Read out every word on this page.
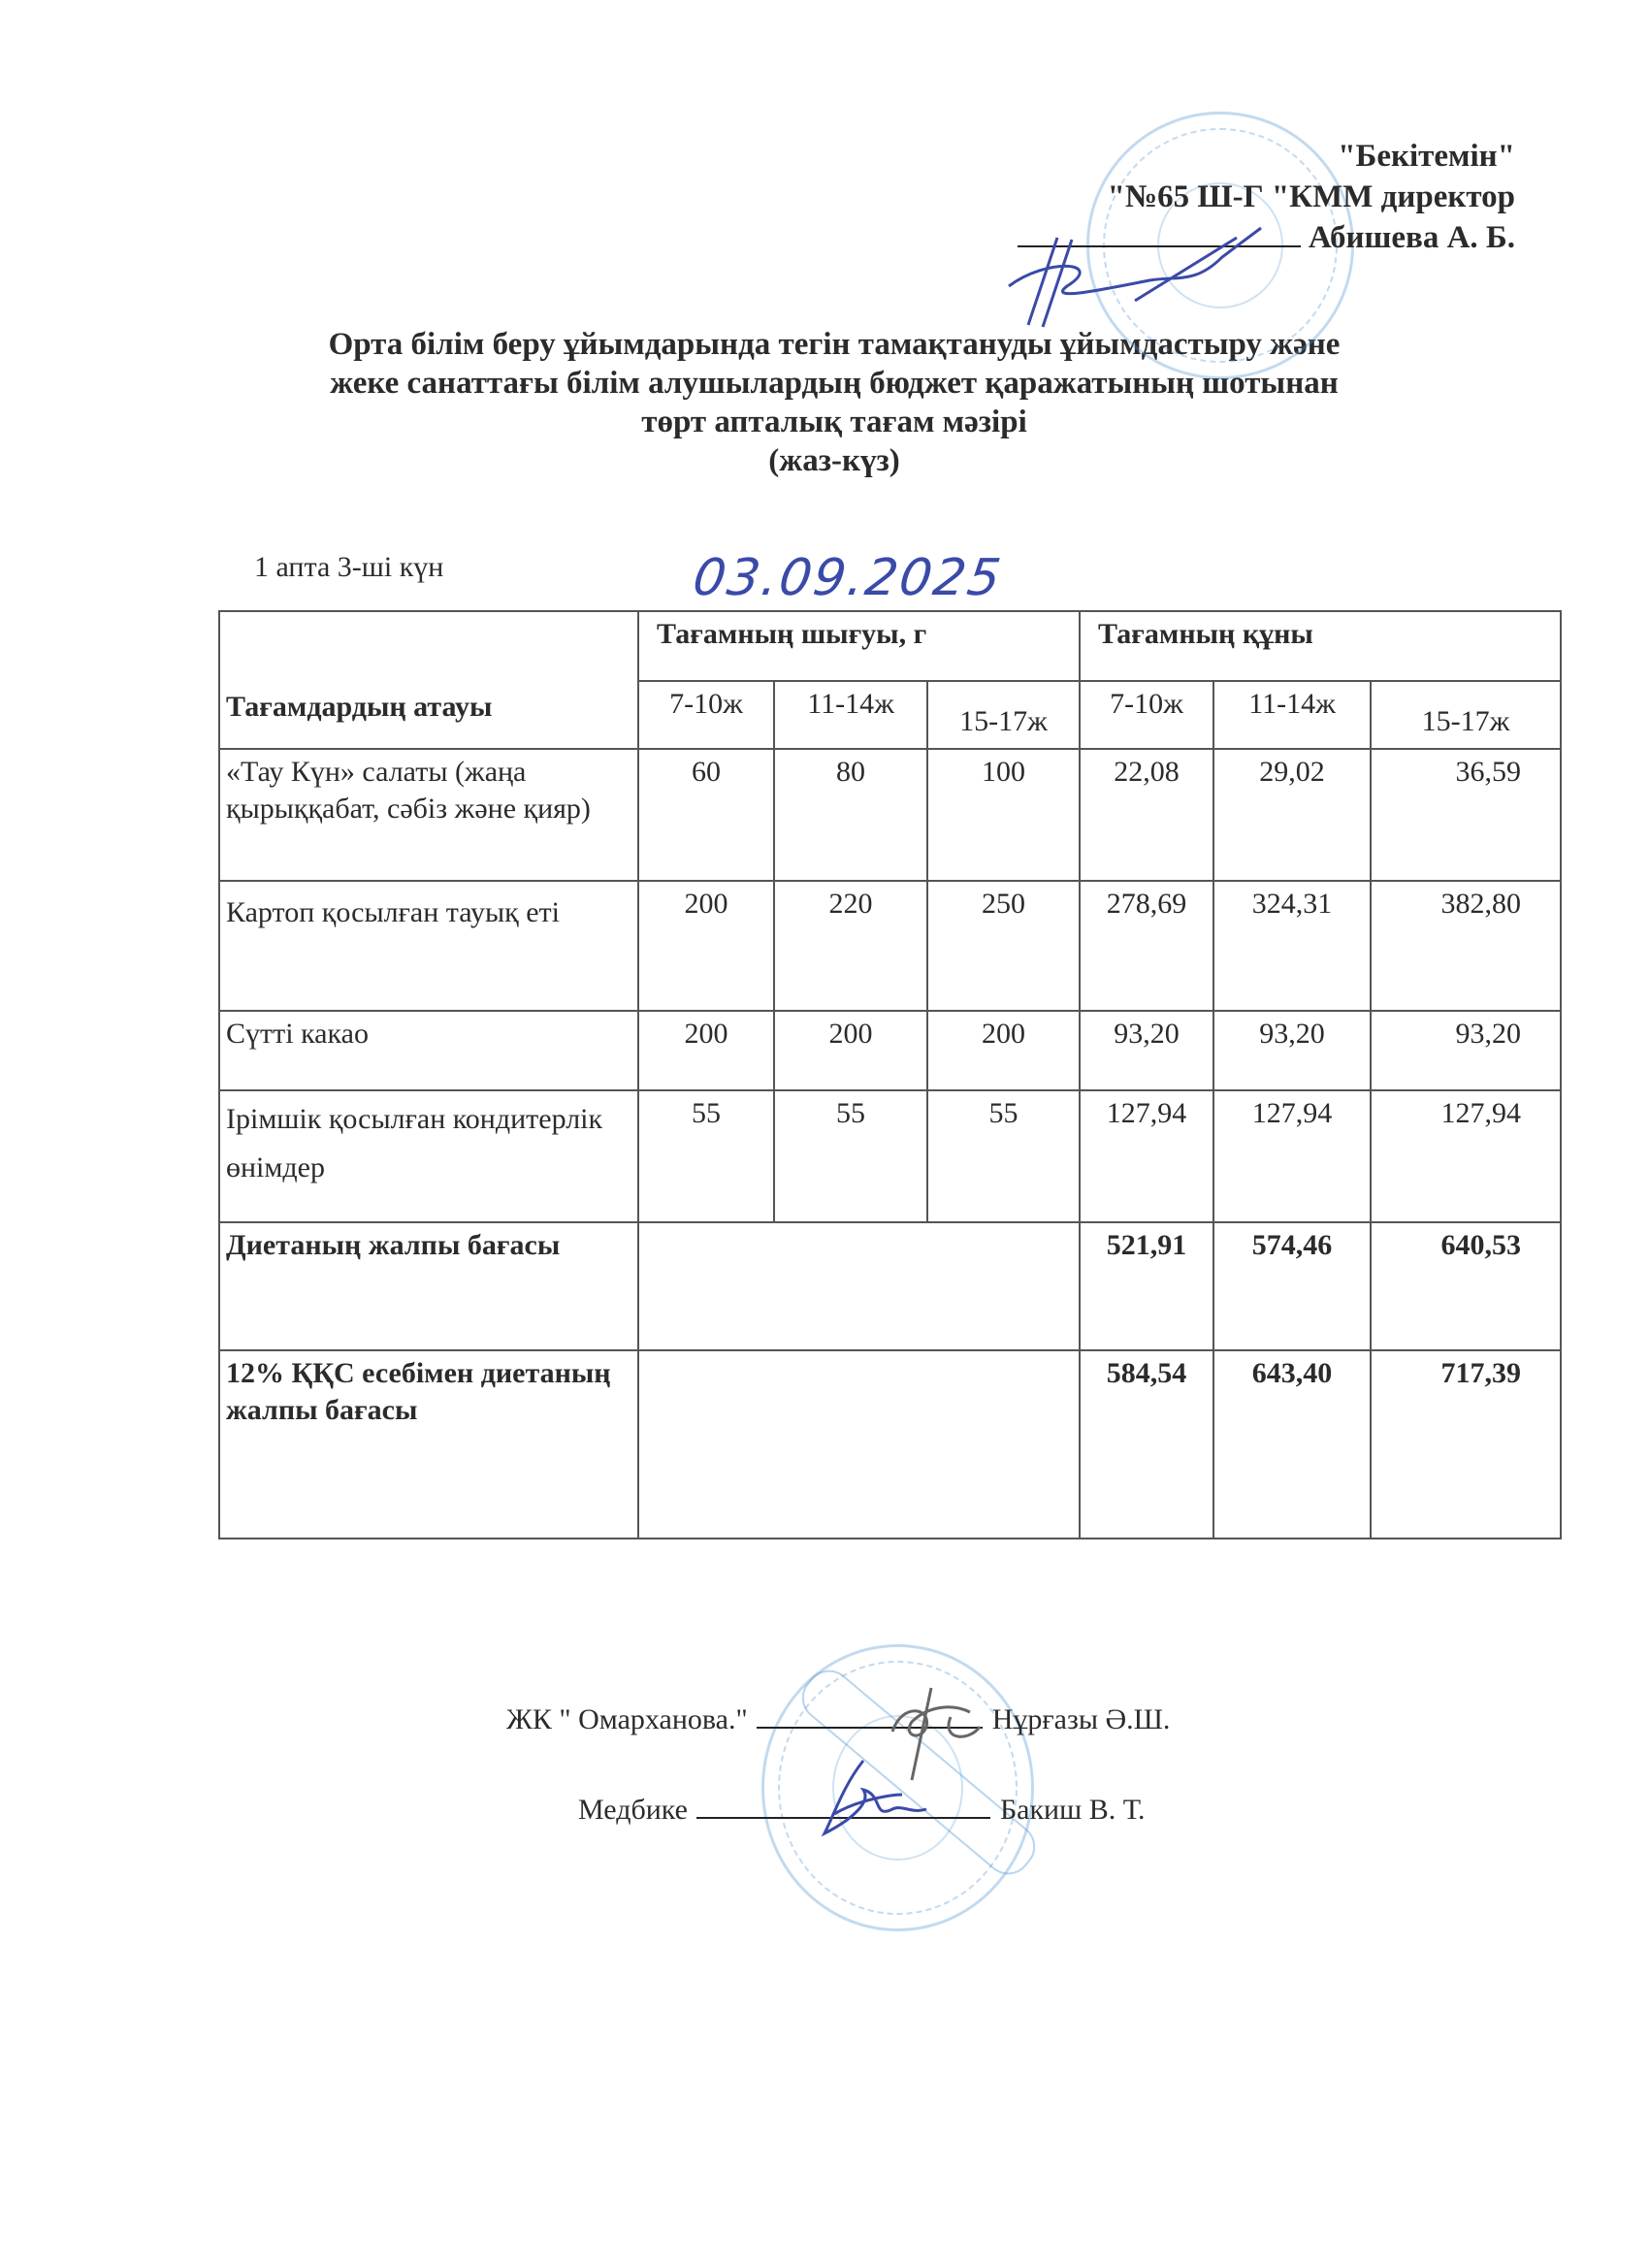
"Бекітемін"
"№65 Ш-Г "КММ директор
Абишева А. Б.
Орта білім беру ұйымдарында тегін тамақтануды ұйымдастыру және
жеке санаттағы білім алушылардың бюджет қаражатының шотынан
төрт апталық тағам мәзірі
(жаз-күз)
1 апта 3-ші күн	03.09.2025
Тағамдардың атауы	Тағамның шығуы, г			Тағамның құны		
	7-10ж	11-14ж	15-17ж	7-10ж	11-14ж	15-17ж
«Тау Күн» салаты (жаңа қырыққабат, сәбіз және қияр)	60	80	100	22,08	29,02	36,59
Картоп қосылған тауық еті	200	220	250	278,69	324,31	382,80
Сүтті какао	200	200	200	93,20	93,20	93,20
Ірімшік қосылған кондитерлік өнімдер	55	55	55	127,94	127,94	127,94
Диетаның жалпы бағасы				521,91	574,46	640,53
12% ҚҚС есебімен диетаның жалпы бағасы				584,54	643,40	717,39
ЖК " Омарханова."	Нұрғазы Ә.Ш.
Медбике	Бакиш В. Т.
